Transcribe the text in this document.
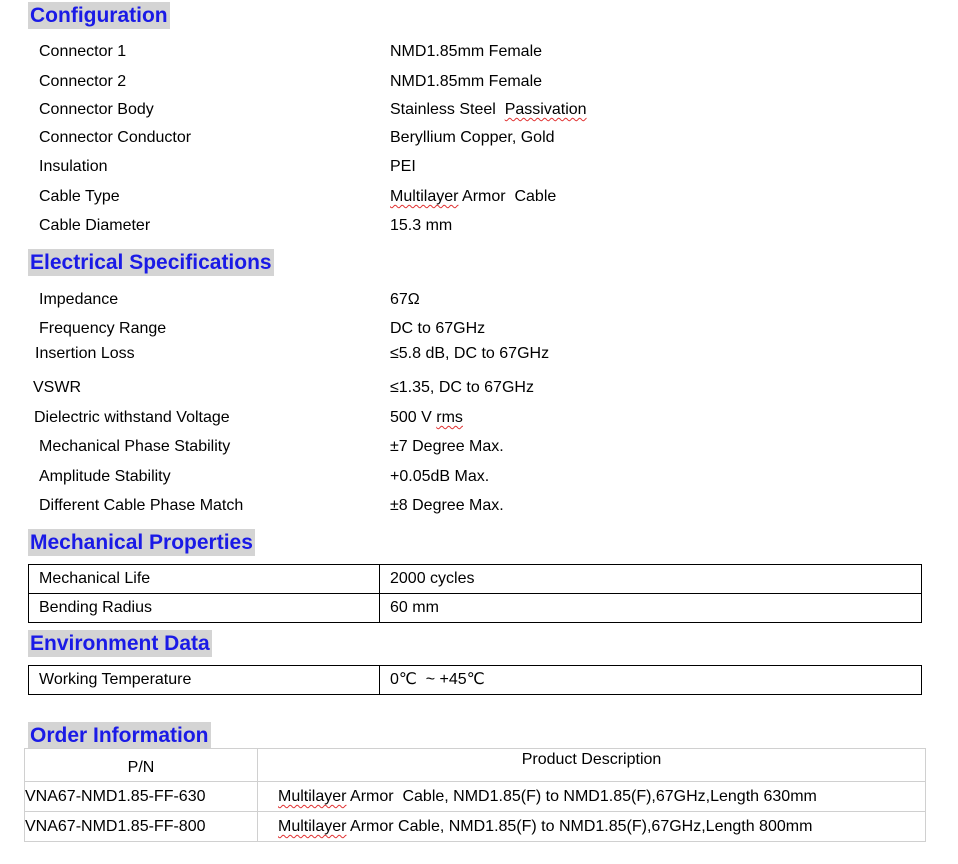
Configuration
Connector 1	NMD1.85mm Female
Connector 2	NMD1.85mm Female
Connector Body	Stainless Steel  Passivation
Connector Conductor	Beryllium Copper, Gold
Insulation	PEI
Cable Type	Multilayer Armor  Cable
Cable Diameter	15.3 mm
Electrical Specifications
Impedance	67Ω
Frequency Range	DC to 67GHz
Insertion Loss	≤5.8 dB, DC to 67GHz
VSWR	≤1.35, DC to 67GHz
Dielectric withstand Voltage	500 V rms
Mechanical Phase Stability	±7 Degree Max.
Amplitude Stability	+0.05dB Max.
Different Cable Phase Match	±8 Degree Max.
Mechanical Properties
Mechanical Life	2000 cycles
Bending Radius	60 mm
Environment Data
Working Temperature	0℃  ~ +45℃
Order Information
P/N	Product Description
VNA67-NMD1.85-FF-630	Multilayer Armor  Cable, NMD1.85(F) to NMD1.85(F),67GHz,Length 630mm
VNA67-NMD1.85-FF-800	Multilayer Armor Cable, NMD1.85(F) to NMD1.85(F),67GHz,Length 800mm
